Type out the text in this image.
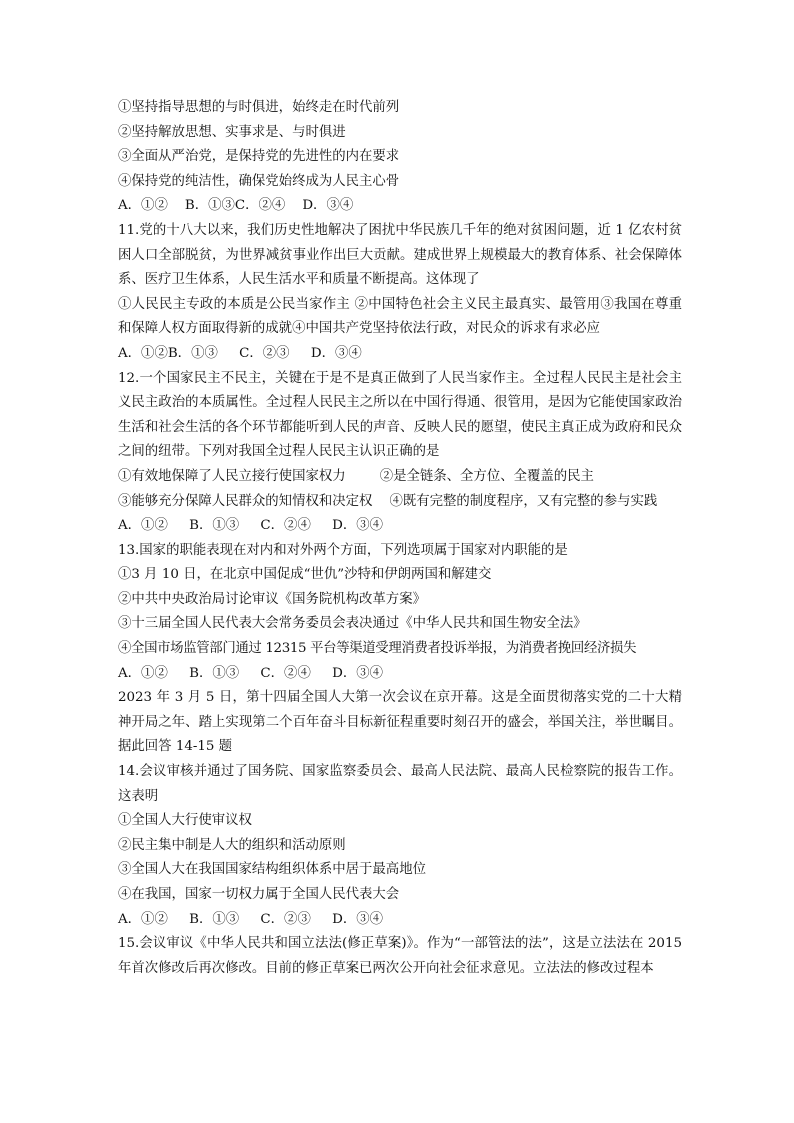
①坚持指导思想的与时俱进，始终走在时代前列
②坚持解放思想、实事求是、与时俱进
③全面从严治党，是保持党的先进性的内在要求
④保持党的纯洁性，确保党始终成为人民主心骨
A．①②    B．①③C．②④    D．③④
11.党的十八大以来，我们历史性地解决了困扰中华民族几千年的绝对贫困问题，近 1 亿农村贫困人口全部脱贫，为世界减贫事业作出巨大贡献。建成世界上规模最大的教育体系、社会保障体系、医疗卫生体系，人民生活水平和质量不断提高。这体现了
①人民民主专政的本质是公民当家作主 ②中国特色社会主义民主最真实、最管用③我国在尊重和保障人权方面取得新的成就④中国共产党坚持依法行政，对民众的诉求有求必应
A．①②B．①③     C．②③     D．③④
12.一个国家民主不民主，关键在于是不是真正做到了人民当家作主。全过程人民民主是社会主义民主政治的本质属性。全过程人民民主之所以在中国行得通、很管用，是因为它能使国家政治生活和社会生活的各个环节都能听到人民的声音、反映人民的愿望，使民主真正成为政府和民众之间的纽带。下列对我国全过程人民民主认识正确的是
①有效地保障了人民立接行使国家权力        ②是全链条、全方位、全覆盖的民主
③能够充分保障人民群众的知情权和决定权    ④既有完整的制度程序，又有完整的参与实践
A．①②     B．①③     C．②④     D．③④
13.国家的职能表现在对内和对外两个方面，下列选项属于国家对内职能的是
①3 月 10 日，在北京中国促成“世仇”沙特和伊朗两国和解建交
②中共中央政治局讨论审议《国务院机构改革方案》
③十三届全国人民代表大会常务委员会表决通过《中华人民共和国生物安全法》
④全国市场监管部门通过 12315 平台等渠道受理消费者投诉举报，为消费者挽回经济损失
A．①②     B．①③     C．②④     D．③④
2023 年 3 月 5 日，第十四届全国人大第一次会议在京开幕。这是全面贯彻落实党的二十大精神开局之年、踏上实现第二个百年奋斗目标新征程重要时刻召开的盛会，举国关注，举世瞩目。据此回答 14-15 题
14.会议审核并通过了国务院、国家监察委员会、最高人民法院、最高人民检察院的报告工作。这表明
①全国人大行使审议权
②民主集中制是人大的组织和活动原则
③全国人大在我国国家结构组织体系中居于最高地位
④在我国，国家一切权力属于全国人民代表大会
A．①②     B．①③     C．②③     D．③④
15.会议审议《中华人民共和国立法法(修正草案)》。作为“一部管法的法”，这是立法法在 2015 年首次修改后再次修改。目前的修正草案已两次公开向社会征求意见。立法法的修改过程本
